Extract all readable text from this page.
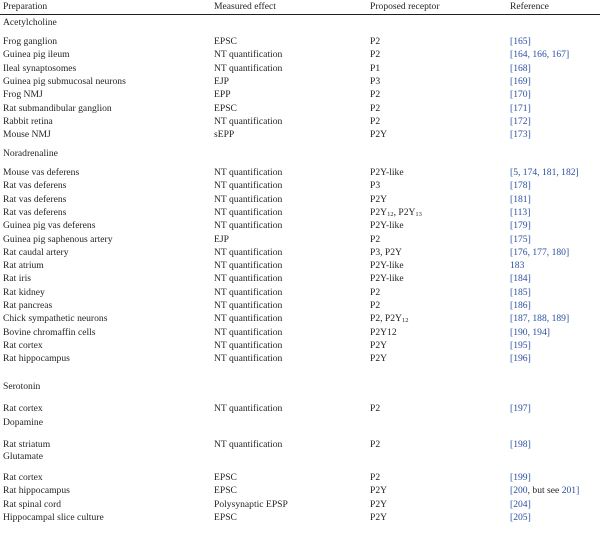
Preparation	Measured effect	Proposed receptor	Reference
Acetylcholine
Frog ganglion	EPSC	P2	[165]
Guinea pig ileum	NT quantification	P2	[164, 166, 167]
Ileal synaptosomes	NT quantification	P1	[168]
Guinea pig submucosal neurons	EJP	P3	[169]
Frog NMJ	EPP	P2	[170]
Rat submandibular ganglion	EPSC	P2	[171]
Rabbit retina	NT quantification	P2	[172]
Mouse NMJ	sEPP	P2Y	[173]
Noradrenaline
Mouse vas deferens	NT quantification	P2Y-like	[5, 174, 181, 182]
Rat vas deferens	NT quantification	P3	[178]
Rat vas deferens	NT quantification	P2Y	[181]
Rat vas deferens	NT quantification	$P2Y_{12}$, $P2Y_{13}$	[113]
Guinea pig vas deferens	NT quantification	P2Y-like	[179]
Guinea pig saphenous artery	EJP	P2	[175]
Rat caudal artery	NT quantification	P3, P2Y	[176, 177, 180]
Rat atrium	NT quantification	P2Y-like	183
Rat iris	NT quantification	P2Y-like	[184]
Rat kidney	NT quantification	P2	[185]
Rat pancreas	NT quantification	P2	[186]
Chick sympathetic neurons	NT quantification	P2, $P2Y_{12}$	[187, 188, 189]
Bovine chromaffin cells	NT quantification	P2Y12	[190, 194]
Rat cortex	NT quantification	P2Y	[195]
Rat hippocampus	NT quantification	P2Y	[196]
Serotonin
Rat cortex	NT quantification	P2	[197]
Dopamine
Rat striatum	NT quantification	P2	[198]
Glutamate
Rat cortex	EPSC	P2	[199]
Rat hippocampus	EPSC	P2Y	[200, but see 201]
Rat spinal cord	Polysynaptic EPSP	P2Y	[204]
Hippocampal slice culture	EPSC	P2Y	[205]
